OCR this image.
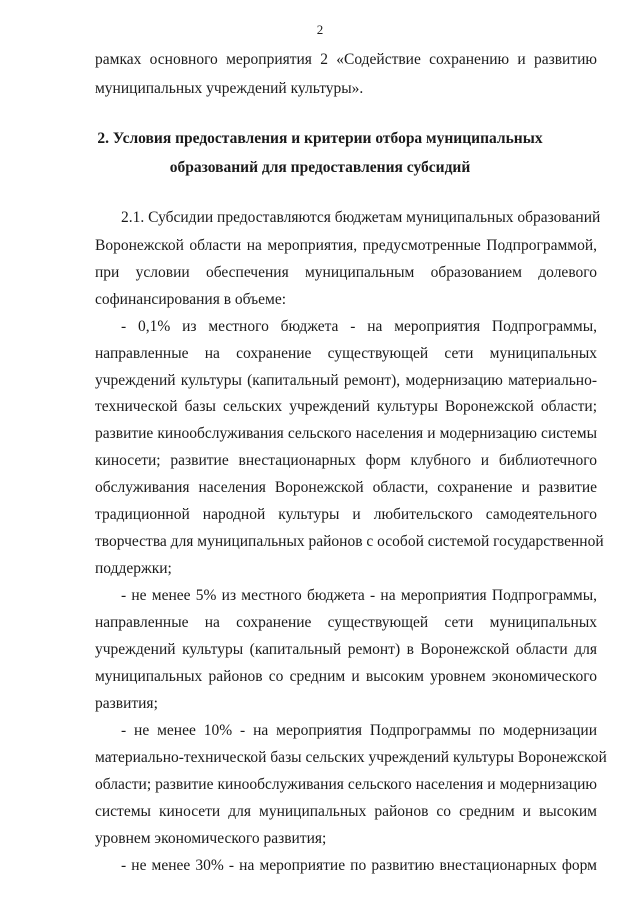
2
рамках основного мероприятия 2 «Содействие сохранению и развитию
муниципальных учреждений культуры».
2. Условия предоставления и критерии отбора муниципальных
образований для предоставления субсидий
2.1. Субсидии предоставляются бюджетам муниципальных образований
Воронежской области на мероприятия, предусмотренные Подпрограммой,
при условии обеспечения муниципальным образованием долевого
софинансирования в объеме:
- 0,1% из местного бюджета - на мероприятия Подпрограммы,
направленные на сохранение существующей сети муниципальных
учреждений культуры (капитальный ремонт), модернизацию материально-
технической базы сельских учреждений культуры Воронежской области;
развитие кинообслуживания сельского населения и модернизацию системы
киносети; развитие внестационарных форм клубного и библиотечного
обслуживания населения Воронежской области, сохранение и развитие
традиционной народной культуры и любительского самодеятельного
творчества для муниципальных районов с особой системой государственной
поддержки;
- не менее 5% из местного бюджета - на мероприятия Подпрограммы,
направленные на сохранение существующей сети муниципальных
учреждений культуры (капитальный ремонт) в Воронежской области для
муниципальных районов со средним и высоким уровнем экономического
развития;
- не менее 10% - на мероприятия Подпрограммы по модернизации
материально-технической базы сельских учреждений культуры Воронежской
области; развитие кинообслуживания сельского населения и модернизацию
системы киносети для муниципальных районов со средним и высоким
уровнем экономического развития;
- не менее 30% - на мероприятие по развитию внестационарных форм
